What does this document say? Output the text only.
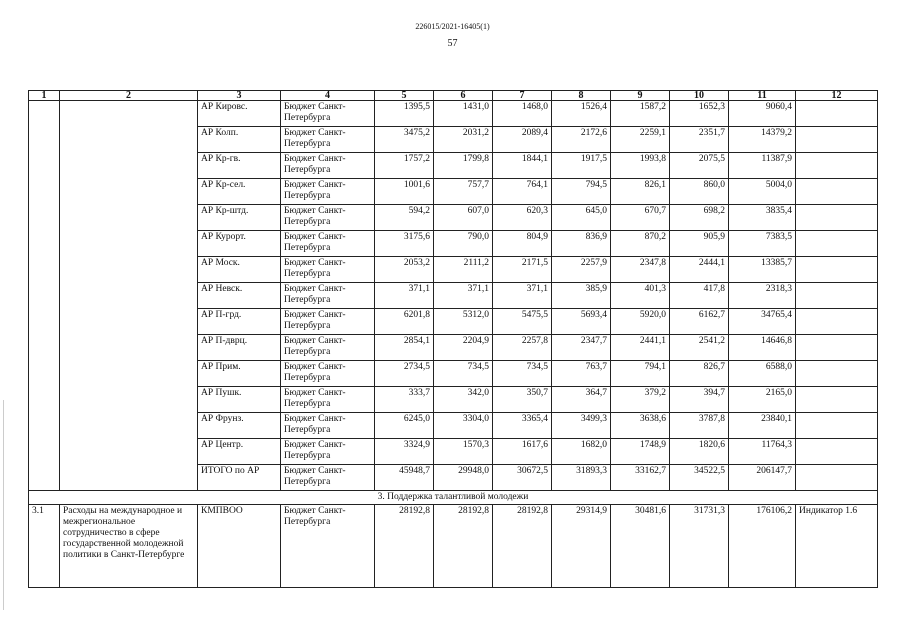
226015/2021-16405(1)
57
1	2	3	4	5	6	7	8	9	10	11	12
		АР Кировс.	Бюджет Санкт-Петербурга	1395,5	1431,0	1468,0	1526,4	1587,2	1652,3	9060,4	
		АР Колп.	Бюджет Санкт-Петербурга	3475,2	2031,2	2089,4	2172,6	2259,1	2351,7	14379,2	
		АР Кр-гв.	Бюджет Санкт-Петербурга	1757,2	1799,8	1844,1	1917,5	1993,8	2075,5	11387,9	
		АР Кр-сел.	Бюджет Санкт-Петербурга	1001,6	757,7	764,1	794,5	826,1	860,0	5004,0	
		АР Кр-штд.	Бюджет Санкт-Петербурга	594,2	607,0	620,3	645,0	670,7	698,2	3835,4	
		АР Курорт.	Бюджет Санкт-Петербурга	3175,6	790,0	804,9	836,9	870,2	905,9	7383,5	
		АР Моск.	Бюджет Санкт-Петербурга	2053,2	2111,2	2171,5	2257,9	2347,8	2444,1	13385,7	
		АР Невск.	Бюджет Санкт-Петербурга	371,1	371,1	371,1	385,9	401,3	417,8	2318,3	
		АР П-грд.	Бюджет Санкт-Петербурга	6201,8	5312,0	5475,5	5693,4	5920,0	6162,7	34765,4	
		АР П-дврц.	Бюджет Санкт-Петербурга	2854,1	2204,9	2257,8	2347,7	2441,1	2541,2	14646,8	
		АР Прим.	Бюджет Санкт-Петербурга	2734,5	734,5	734,5	763,7	794,1	826,7	6588,0	
		АР Пушк.	Бюджет Санкт-Петербурга	333,7	342,0	350,7	364,7	379,2	394,7	2165,0	
		АР Фрунз.	Бюджет Санкт-Петербурга	6245,0	3304,0	3365,4	3499,3	3638,6	3787,8	23840,1	
		АР Центр.	Бюджет Санкт-Петербурга	3324,9	1570,3	1617,6	1682,0	1748,9	1820,6	11764,3	
		ИТОГО по АР	Бюджет Санкт-Петербурга	45948,7	29948,0	30672,5	31893,3	33162,7	34522,5	206147,7	
3. Поддержка талантливой молодежи											
3.1	Расходы на международное и межрегиональное сотрудничество в сфере государственной молодежной политики в Санкт-Петербурге	КМПВОО	Бюджет Санкт-Петербурга	28192,8	28192,8	28192,8	29314,9	30481,6	31731,3	176106,2	Индикатор 1.6
